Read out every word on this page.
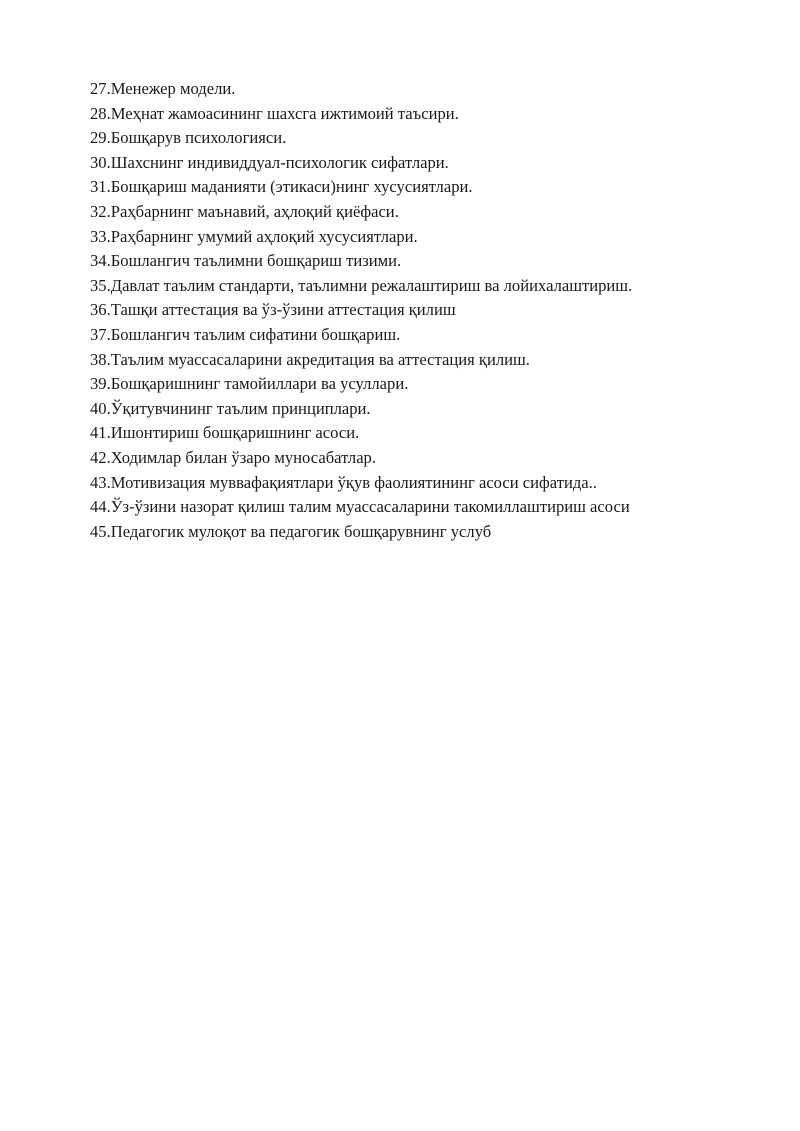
27. Менежер модели.
28. Меҳнат жамоасининг шахсга ижтимоий таъсири.
29. Бошқарув психологияси.
30. Шахснинг индивиддуал-психологик сифатлари.
31. Бошқариш маданияти (этикаси)нинг хусусиятлари.
32. Раҳбарнинг маънавий, аҳлоқий қиёфаси.
33. Раҳбарнинг умумий аҳлоқий хусусиятлари.
34. Бошлангич таълимни бошқариш тизими.
35. Давлат таълим стандарти, таълимни режалаштириш ва лойихалаштириш.
36. Ташқи аттестация ва ўз-ўзини аттестация қилиш
37. Бошлангич таълим сифатини бошқариш.
38. Таълим муассасаларини акредитация ва аттестация қилиш.
39. Бошқаришнинг тамойиллари ва усуллари.
40. Ўқитувчининг таълим принциплари.
41. Ишонтириш бошқаришнинг асоси.
42. Ходимлар билан ўзаро муносабатлар.
43. Мотивизация муввафақиятлари ўқув фаолиятининг асоси сифатида..
44. Ўз-ўзини назорат қилиш талим муассасаларини такомиллаштириш асоси
45. Педагогик мулоқот ва педагогик бошқарувнинг услуб
